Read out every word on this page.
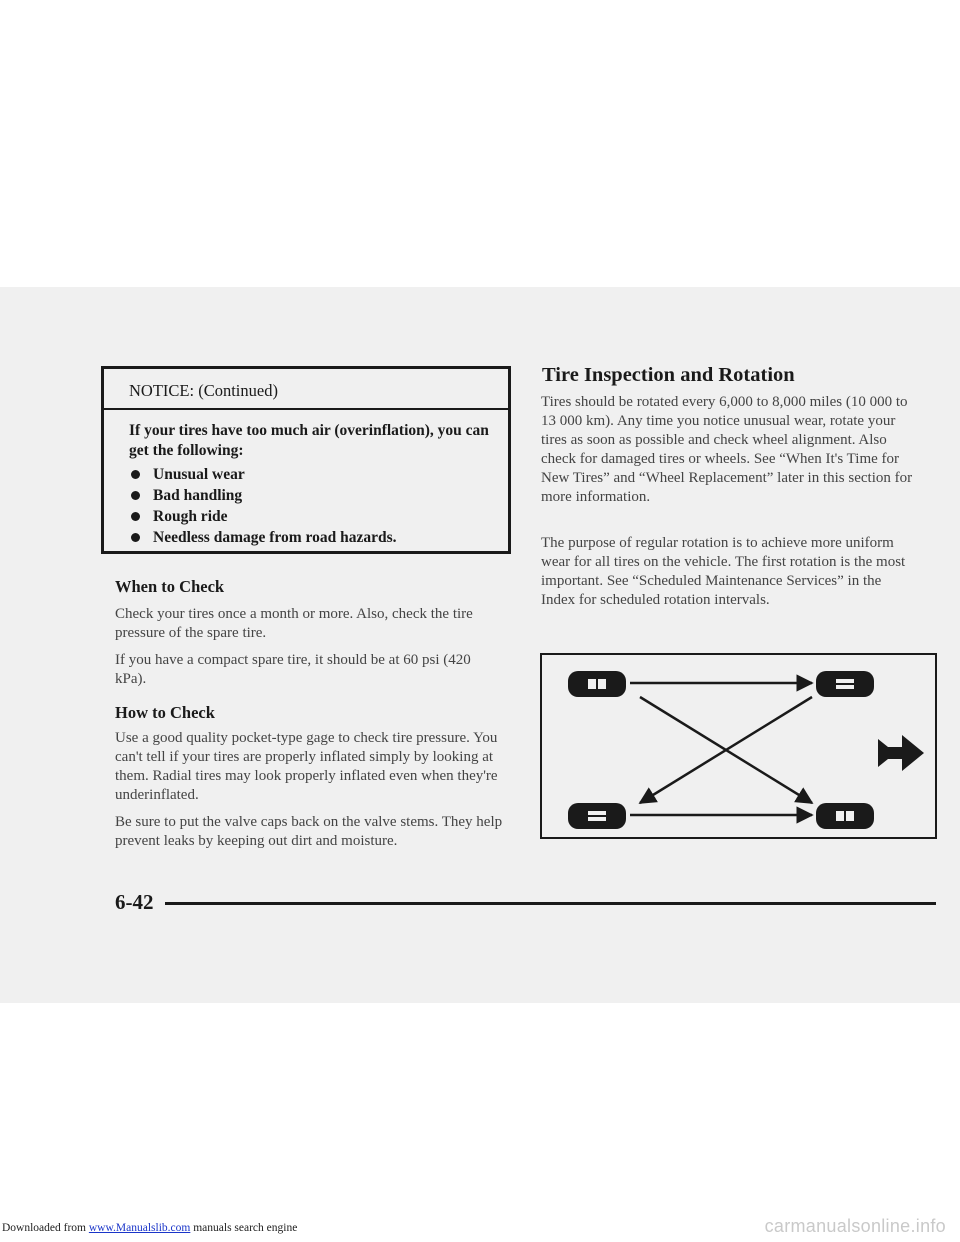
NOTICE: (Continued)

If your tires have too much air (overinflation), you can get the following:

Unusual wear
Bad handling
Rough ride
Needless damage from road hazards.
When to Check

Check your tires once a month or more. Also, check the tire pressure of the spare tire.

If you have a compact spare tire, it should be at 60 psi (420 kPa).

How to Check

Use a good quality pocket-type gage to check tire pressure. You can't tell if your tires are properly inflated simply by looking at them. Radial tires may look properly inflated even when they're underinflated.

Be sure to put the valve caps back on the valve stems. They help prevent leaks by keeping out dirt and moisture.

Tire Inspection and Rotation

Tires should be rotated every 6,000 to 8,000 miles (10 000 to 13 000 km). Any time you notice unusual wear, rotate your tires as soon as possible and check wheel alignment. Also check for damaged tires or wheels. See “When It's Time for New Tires” and “Wheel Replacement” later in this section for more information.

The purpose of regular rotation is to achieve more uniform wear for all tires on the vehicle. The first rotation is the most important. See “Scheduled Maintenance Services” in the Index for scheduled rotation intervals.

6-42
Downloaded from www.Manualslib.com manuals search engine	carmanualsonline.info
